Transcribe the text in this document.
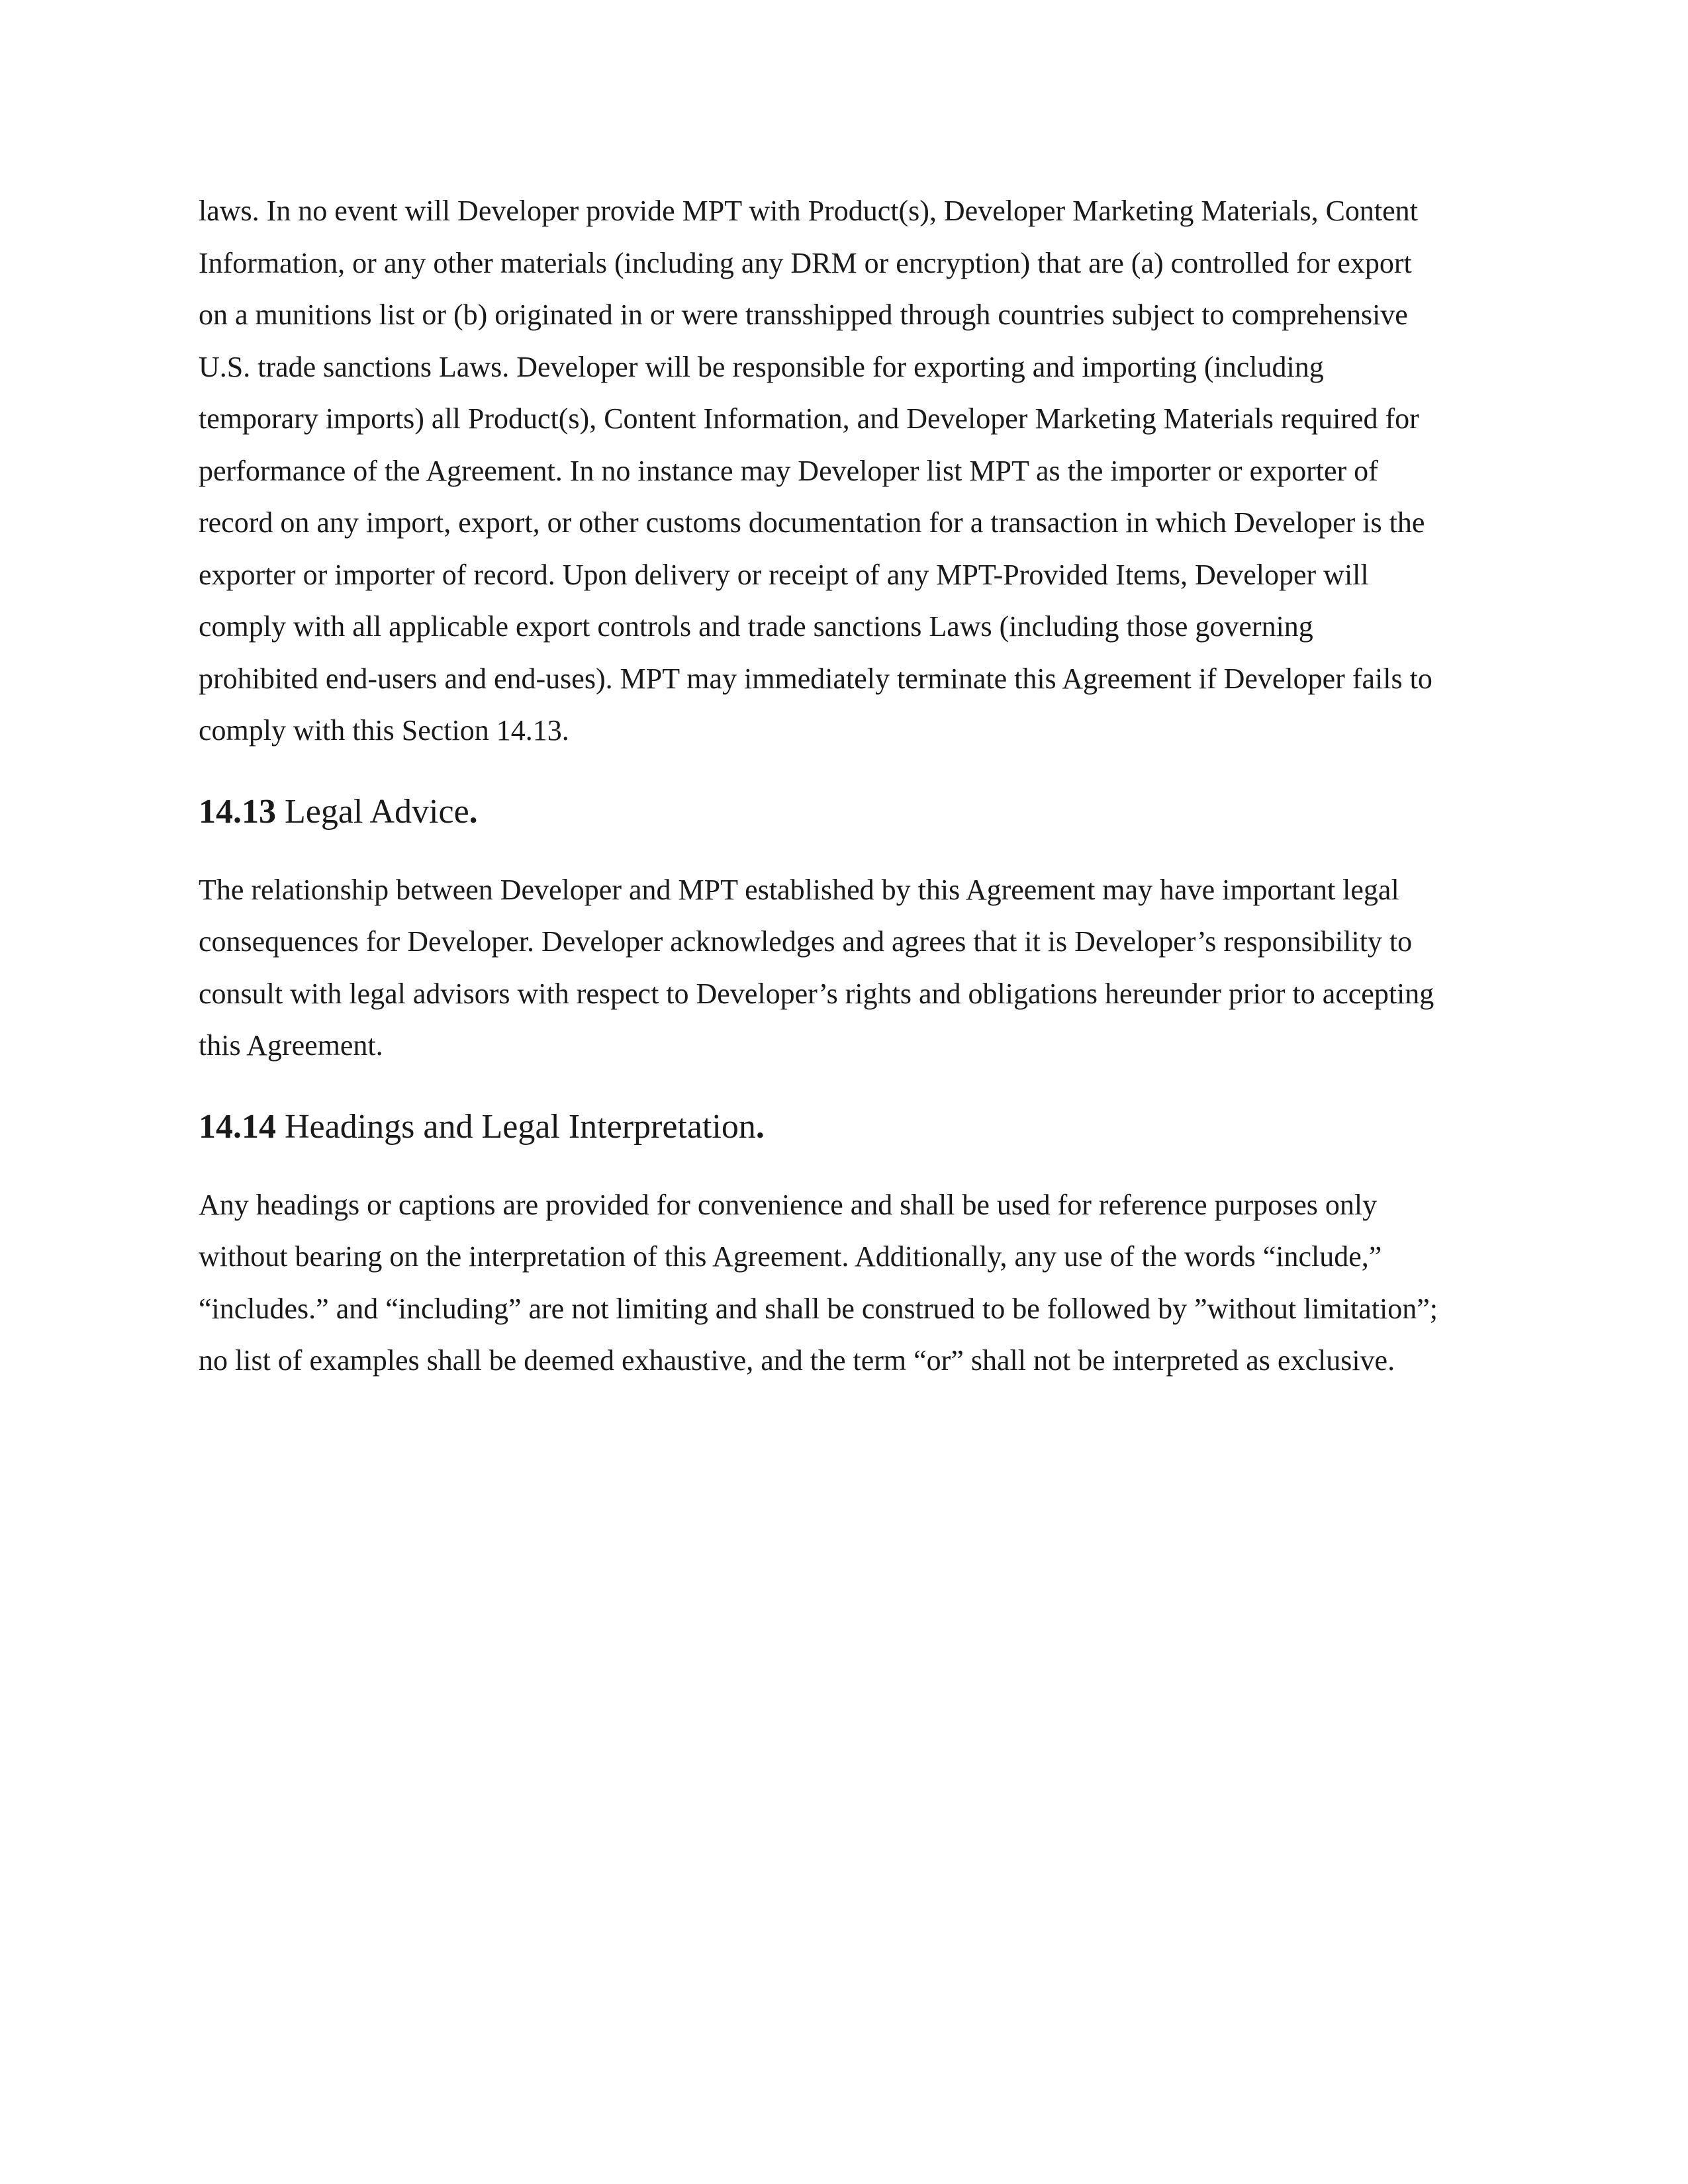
laws. In no event will Developer provide MPT with Product(s), Developer Marketing Materials, Content
Information, or any other materials (including any DRM or encryption) that are (a) controlled for export
on a munitions list or (b) originated in or were transshipped through countries subject to comprehensive
U.S. trade sanctions Laws. Developer will be responsible for exporting and importing (including
temporary imports) all Product(s), Content Information, and Developer Marketing Materials required for
performance of the Agreement. In no instance may Developer list MPT as the importer or exporter of
record on any import, export, or other customs documentation for a transaction in which Developer is the
exporter or importer of record. Upon delivery or receipt of any MPT-Provided Items, Developer will
comply with all applicable export controls and trade sanctions Laws (including those governing
prohibited end-users and end-uses). MPT may immediately terminate this Agreement if Developer fails to
comply with this Section 14.13.

14.13 Legal Advice.

The relationship between Developer and MPT established by this Agreement may have important legal
consequences for Developer. Developer acknowledges and agrees that it is Developer’s responsibility to
consult with legal advisors with respect to Developer’s rights and obligations hereunder prior to accepting
this Agreement.

14.14 Headings and Legal Interpretation.

Any headings or captions are provided for convenience and shall be used for reference purposes only
without bearing on the interpretation of this Agreement. Additionally, any use of the words “include,”
“includes.” and “including” are not limiting and shall be construed to be followed by ”without limitation”;
no list of examples shall be deemed exhaustive, and the term “or” shall not be interpreted as exclusive.
